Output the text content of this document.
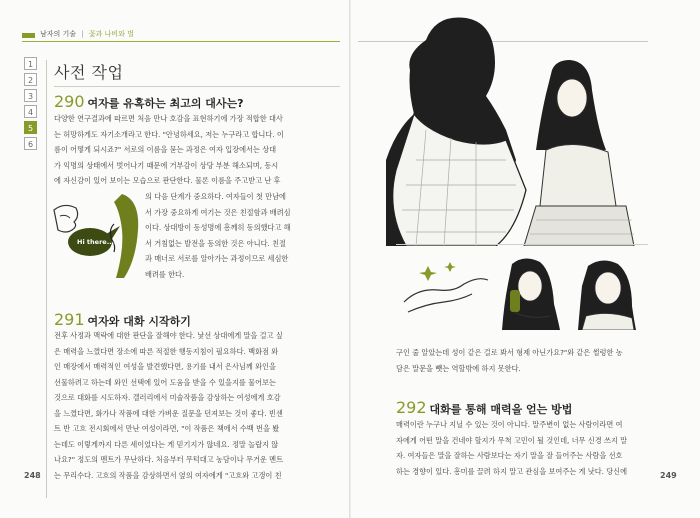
남자의 기술 | 꽃과 나비와 벌
1
2
3
4
5
6
사전 작업
290 여자를 유혹하는 최고의 대사는?
다양한 연구결과에 따르면 처음 만나 호감을 표현하기에 가장 적합한 대사
는 허망하게도 자기소개라고 한다. "안녕하세요, 저는 누구라고 합니다. 이
름이 어떻게 되시죠?" 서로의 이름을 묻는 과정은 여자 입장에서는 상대
가 익명의 상태에서 벗어나기 때문에 거부감이 상당 부분 해소되며, 동시
에 자신감이 있어 보이는 모습으로 판단한다. 물론 이름을 주고받고 난 후
의 다음 단계가 중요하다. 여자들이 첫 만남에
서 가장 중요하게 여기는 것은 친절함과 배려심
이다. 상대방이 동성명에 흥께히 동의했다고 해
서 거침없는 발전을 동의한 것은 아니다. 친절
과 매너로 서로를 알아가는 과정이므로 세심한
배려를 한다.
Hi there...
291 여자와 대화 시작하기
전후 사정과 맥락에 대한 판단을 잘해야 한다. 낯선 상대에게 말을 걸고 싶
은 매력을 느꼈다면 장소에 따른 적절한 행동지침이 필요하다. 백화점 와
인 매장에서 매력적인 여성을 발견했다면, 용기를 내서 은사님께 와인을
선물하려고 하는데 와인 선택에 있어 도움을 받을 수 있을지를 물어보는
것으로 대화를 시도하자. 갤러리에서 미술작품을 감상하는 여성에게 호감
을 느꼈다면, 화가나 작품에 대한 가벼운 질문을 던져보는 것이 좋다. 빈센
트 반 고흐 전시회에서 만난 여성이라면, "이 작품은 책에서 수백 번을 봤
는데도 이렇게까지 다른 세이었다는 게 믿기지가 않네요. 정말 놀랍지 않
나요?" 정도의 멘트가 무난하다. 처음부터 무턱대고 농담이나 무거운 멘트
는 무리수다. 고흐의 작품을 감상하면서 옆의 여자에게 "고흐와 고갱이 친
248
구인 줄 알았는데 성이 같은 걸로 봐서 형제 아닌가요?"와 같은 썰렁한 농
담은 말문을 뺏는 역할밖에 하지 못한다.
292 대화를 통해 매력을 얻는 방법
매력이란 누구나 지닐 수 있는 것이 아니다. 말주변이 없는 사람이라면 여
자에게 어떤 말을 건네야 할지가 무척 고민이 될 것인데, 너무 신경 쓰지 말
자. 여자들은 말을 잘하는 사람보다는 자기 말을 잘 들어주는 사람을 선호
하는 경향이 있다. 흥미를 끌려 하지 말고 관심을 보여주는 게 낫다. 당신에	249
